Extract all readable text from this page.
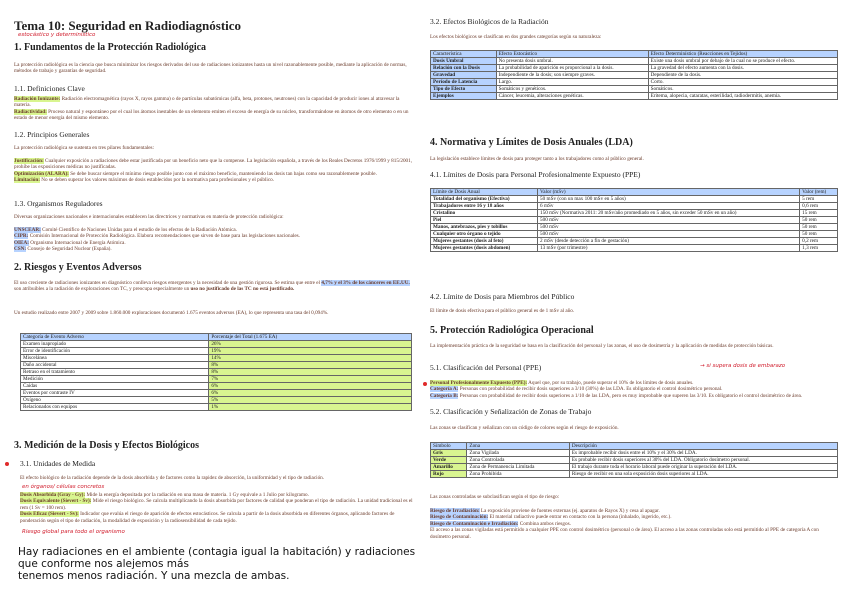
Tema 10: Seguridad en Radiodiagnóstico
estocástico y determinístico
1. Fundamentos de la Protección Radiológica

La protección radiológica es la ciencia que busca minimizar los riesgos derivados del uso de radiaciones ionizantes hasta un nivel razonablemente posible, mediante la aplicación de normas, métodos de trabajo y garantías de seguridad.

1.1. Definiciones Clave

Radiación Ionizante: Radiación electromagnética (rayos X, rayos gamma) o de partículas subatómicas (alfa, beta, protones, neutrones) con la capacidad de producir iones al atravesar la materia.

Radiactividad: Proceso natural y espontáneo por el cual los átomos inestables de un elemento emiten el exceso de energía de su núcleo, transformándose en átomos de otro elemento o en un estado de menor energía del mismo elemento.

1.2. Principios Generales

La protección radiológica se sustenta en tres pilares fundamentales:

Justificación: Cualquier exposición a radiaciones debe estar justificada por un beneficio neto que la compense. La legislación española, a través de los Reales Decretos 1976/1999 y 815/2001, prohíbe las exposiciones médicas no justificadas.

Optimización (ALARA): Se debe buscar siempre el mínimo riesgo posible junto con el máximo beneficio, manteniendo las dosis tan bajas como sea razonablemente posible.

Limitación: No se deben superar los valores máximos de dosis establecidos por la normativa para profesionales y el público.

1.3. Organismos Reguladores

Diversas organizaciones nacionales e internacionales establecen las directrices y normativas en materia de protección radiológica:

UNSCEAR: Comité Científico de Naciones Unidas para el estudio de los efectos de la Radiación Atómica.

CIPR: Comisión Internacional de Protección Radiológica. Elabora recomendaciones que sirven de base para las legislaciones nacionales.

OIEA: Organismo Internacional de Energía Atómica.

CSN: Consejo de Seguridad Nuclear (España).

2. Riesgos y Eventos Adversos

El uso creciente de radiaciones ionizantes en diagnóstico conlleva riesgos emergentes y la necesidad de una gestión rigurosa. Se estima que entre el 4,7% y el 3% de los cánceres en EE.UU. son atribuibles a la radiación de exploraciones con TC, y preocupa especialmente un uso no justificado de las TC no está justificado.

Un estudio realizado entre 2007 y 2009 sobre 1.860.000 exploraciones documentó 1.675 eventos adversos (EA), lo que representa una tasa del 0,094%.

Categoría de Evento Adverso	Porcentaje del Total (1.675 EA)
Examen inapropiado	26%
Error de identificación	19%
Miscelánea	14%
Daño accidental	8%
Retraso en el tratamiento	8%
Medición	7%
Caídas	6%
Eventos por contraste IV	6%
Oxígeno	5%
Relacionados con equipos	1%
3. Medición de la Dosis y Efectos Biológicos
3.1. Unidades de Medida

El efecto biológico de la radiación depende de la dosis absorbida y de factores como la rapidez de absorción, la uniformidad y el tipo de radiación.

en órganos/ células concretos

Dosis Absorbida (Gray - Gy): Mide la energía depositada por la radiación en una masa de materia. 1 Gy equivale a 1 Julio por kilogramo.

Dosis Equivalente (Sievert - Sv): Mide el riesgo biológico. Se calcula multiplicando la dosis absorbida por factores de calidad que ponderan el tipo de radiación. La unidad tradicional es el rem (1 Sv = 100 rem).

Dosis Eficaz (Sievert - Sv): Indicador que evalúa el riesgo de aparición de efectos estocásticos. Se calcula a partir de la dosis absorbida en diferentes órganos, aplicando factores de ponderación según el tipo de radiación, la modalidad de exposición y la radiosensibilidad de cada tejido.

Riesgo global para todo el organismo
Hay radiaciones en el ambiente (contagia igual la habitación) y radiaciones
que conforme nos alejemos más
tenemos menos radiación. Y una mezcla de ambas.
3.2. Efectos Biológicos de la Radiación

Los efectos biológicos se clasifican en dos grandes categorías según su naturaleza:

Característica	Efecto Estocástico	Efecto Determinístico (Reacciones en Tejidos)
Dosis Umbral	No presenta dosis umbral.	Existe una dosis umbral por debajo de la cual no se produce el efecto.
Relación con la Dosis	La probabilidad de aparición es proporcional a la dosis.	La gravedad del efecto aumenta con la dosis.
Gravedad	Independiente de la dosis; son siempre graves.	Dependiente de la dosis.
Período de Latencia	Largo.	Corto.
Tipo de Efecto	Somáticos y genéticos.	Somáticos.
Ejemplos	Cáncer, leucemia, alteraciones genéticas.	Eritema, alopecia, cataratas, esterilidad, radiodermitis, anemia.
4. Normativa y Límites de Dosis Anuales (LDA)

La legislación establece límites de dosis para proteger tanto a los trabajadores como al público general.

4.1. Límites de Dosis para Personal Profesionalmente Expuesto (PPE)
Límite de Dosis Anual	Valor (mSv)	Valor (rem)
Totalidad del organismo (Efectiva)	50 mSv (con un max 100 mSv en 5 años)	5 rem
Trabajadores entre 16 y 18 años	6 mSv	0,6 rem
Cristalino	150 mSv (Normativa 2011: 20 mSv/año promediado en 5 años, sin exceder 50 mSv en un año)	15 rem
Piel	500 mSv	50 rem
Manos, antebrazos, pies y tobillos	500 mSv	50 rem
Cualquier otro órgano o tejido	500 mSv	50 rem
Mujeres gestantes (dosis al feto)	2 mSv (desde detección a fin de gestación)	0,2 rem
Mujeres gestantes (dosis abdomen)	13 mSv (por trimestre)	1,3 rem
4.2. Límite de Dosis para Miembros del Público

El límite de dosis efectiva para el público general es de 1 mSv al año.

5. Protección Radiológica Operacional

La implementación práctica de la seguridad se basa en la clasificación del personal y las zonas, el uso de dosimetría y la aplicación de medidas de protección básicas.

5.1. Clasificación del Personal (PPE)	→ si supera dosis de embarazo

Personal Profesionalmente Expuesto (PPE): Aquel que, por su trabajo, puede superar el 10% de los límites de dosis anuales.

Categoría A: Personas con probabilidad de recibir dosis superiores a 3/10 (30%) de las LDA. Es obligatorio el control dosimétrico personal.

Categoría B: Personas con probabilidad de recibir dosis superiores a 1/10 de las LDA, pero es muy improbable que superen las 3/10. Es obligatorio el control dosimétrico de área.

5.2. Clasificación y Señalización de Zonas de Trabajo

Las zonas se clasifican y señalizan con un código de colores según el riesgo de exposición.

Símbolo	Zona	Descripción
Gris	Zona Vigilada	Es improbable recibir dosis entre el 10% y el 30% del LDA.
Verde	Zona Controlada	Es probable recibir dosis superiores al 30% del LDA. Obligatorio dosímetro personal.
Amarillo	Zona de Permanencia Limitada	El trabajo durante toda el horario laboral puede originar la superación del LDA.
Rojo	Zona Prohibida	Riesgo de recibir en una sola exposición dosis superiores al LDA.

Las zonas controladas se subclasifican según el tipo de riesgo:

Riesgo de Irradiación: La exposición proviene de fuentes externas (ej. aparatos de Rayos X) y cesa al apagar.

Riesgo de Contaminación: El material radiactivo puede entrar en contacto con la persona (inhalado, ingerido, etc.).

Riesgo de Contaminación e Irradiación: Combina ambos riesgos.

El acceso a las zonas vigiladas está permitido a cualquier PPE con control dosimétrico (personal o de área). El acceso a las zonas controladas solo está permitido al PPE de categoría A con dosímetro personal.
